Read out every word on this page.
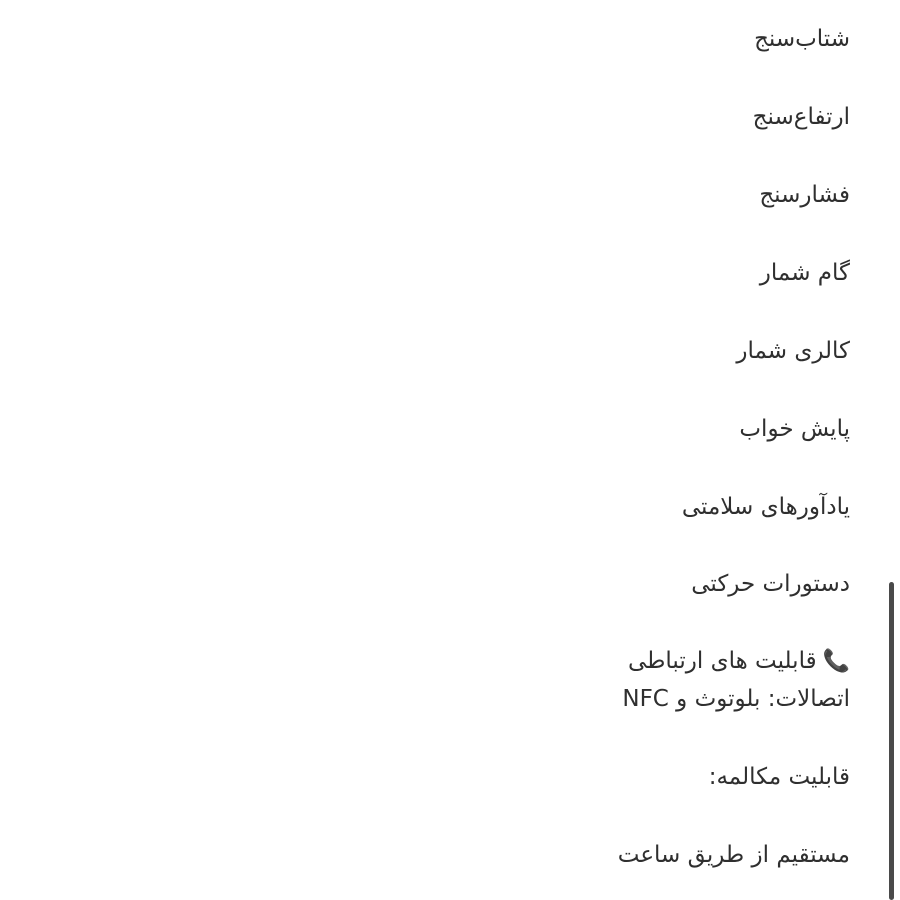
شتاب‌سنج
ارتفاع‌سنج
فشارسنج
گام شمار
کالری شمار
پایش خواب
یادآورهای سلامتی
دستورات حرکتی
📞قابلیت های ارتباطی
اتصالات: بلوتوث و NFC
قابلیت مکالمه:
مستقیم از طریق ساعت
